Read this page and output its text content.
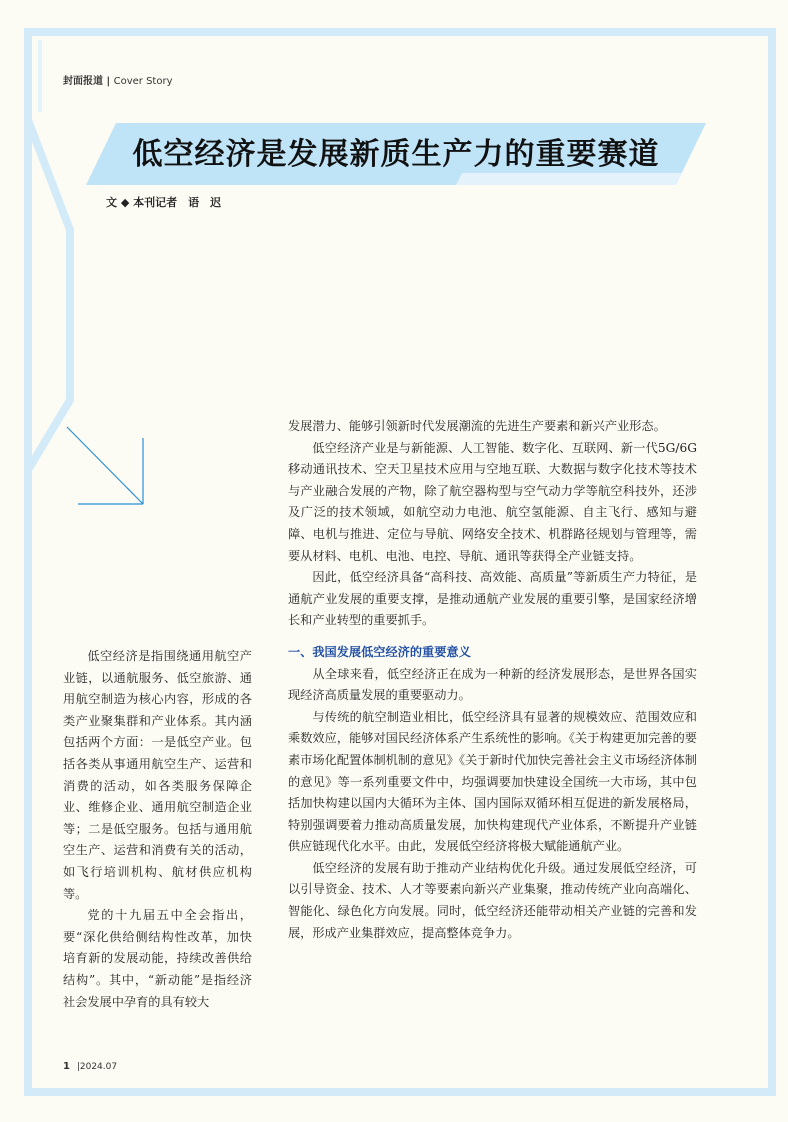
封面报道 | Cover Story
低空经济是发展新质生产力的重要赛道
文 ◆ 本刊记者　语　迟

低空经济是指围绕通用航空产业链，以通航服务、低空旅游、通用航空制造为核心内容，形成的各类产业聚集群和产业体系。其内涵包括两个方面：一是低空产业。包括各类从事通用航空生产、运营和消费的活动，如各类服务保障企业、维修企业、通用航空制造企业等；二是低空服务。包括与通用航空生产、运营和消费有关的活动，如飞行培训机构、航材供应机构等。

党的十九届五中全会指出，要“深化供给侧结构性改革，加快培育新的发展动能，持续改善供给结构”。其中，“新动能”是指经济社会发展中孕育的具有较大

发展潜力、能够引领新时代发展潮流的先进生产要素和新兴产业形态。

低空经济产业是与新能源、人工智能、数字化、互联网、新一代5G/6G移动通讯技术、空天卫星技术应用与空地互联、大数据与数字化技术等技术与产业融合发展的产物，除了航空器构型与空气动力学等航空科技外，还涉及广泛的技术领域，如航空动力电池、航空氢能源、自主飞行、感知与避障、电机与推进、定位与导航、网络安全技术、机群路径规划与管理等，需要从材料、电机、电池、电控、导航、通讯等获得全产业链支持。

因此，低空经济具备“高科技、高效能、高质量”等新质生产力特征，是通航产业发展的重要支撑，是推动通航产业发展的重要引擎，是国家经济增长和产业转型的重要抓手。

一、我国发展低空经济的重要意义

从全球来看，低空经济正在成为一种新的经济发展形态，是世界各国实现经济高质量发展的重要驱动力。

与传统的航空制造业相比，低空经济具有显著的规模效应、范围效应和乘数效应，能够对国民经济体系产生系统性的影响。《关于构建更加完善的要素市场化配置体制机制的意见》《关于新时代加快完善社会主义市场经济体制的意见》等一系列重要文件中，均强调要加快建设全国统一大市场，其中包括加快构建以国内大循环为主体、国内国际双循环相互促进的新发展格局，特别强调要着力推动高质量发展，加快构建现代产业体系，不断提升产业链供应链现代化水平。由此，发展低空经济将极大赋能通航产业。

低空经济的发展有助于推动产业结构优化升级。通过发展低空经济，可以引导资金、技术、人才等要素向新兴产业集聚，推动传统产业向高端化、智能化、绿色化方向发展。同时，低空经济还能带动相关产业链的完善和发展，形成产业集群效应，提高整体竞争力。

1 |2024.07
